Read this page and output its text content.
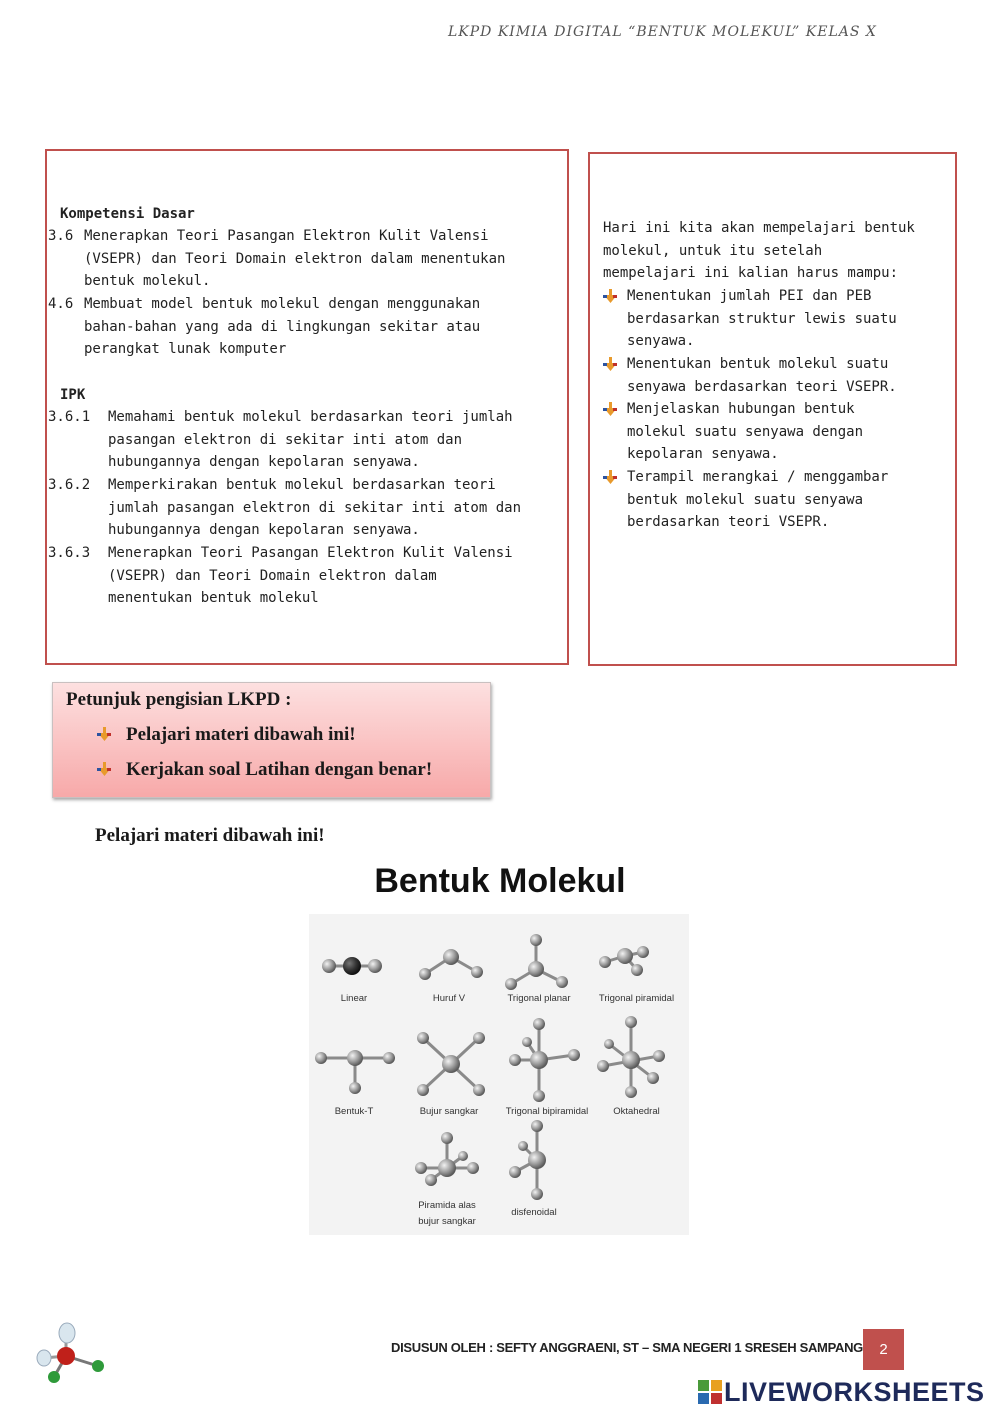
LKPD KIMIA DIGITAL “BENTUK MOLEKUL” KELAS X
Kompetensi Dasar
3.6 Menerapkan Teori Pasangan Elektron Kulit Valensi
(VSEPR) dan Teori Domain elektron dalam menentukan
bentuk molekul.
4.6 Membuat model bentuk molekul dengan menggunakan
bahan-bahan yang ada di lingkungan sekitar atau
perangkat lunak komputer
IPK
3.6.1 Memahami bentuk molekul berdasarkan teori jumlah
pasangan elektron di sekitar inti atom dan
hubungannya dengan kepolaran senyawa.
3.6.2 Memperkirakan bentuk molekul berdasarkan teori
jumlah pasangan elektron di sekitar inti atom dan
hubungannya dengan kepolaran senyawa.
3.6.3 Menerapkan Teori Pasangan Elektron Kulit Valensi
(VSEPR) dan Teori Domain elektron dalam
menentukan bentuk molekul
Hari ini kita akan mempelajari bentuk
molekul, untuk itu setelah
mempelajari ini kalian harus mampu:
Menentukan jumlah PEI dan PEB
berdasarkan struktur lewis suatu
senyawa.
Menentukan bentuk molekul suatu
senyawa berdasarkan teori VSEPR.
Menjelaskan hubungan bentuk
molekul suatu senyawa dengan
kepolaran senyawa.
Terampil merangkai / menggambar
bentuk molekul suatu senyawa
berdasarkan teori VSEPR.
Petunjuk pengisian LKPD :
Pelajari materi dibawah ini!
Kerjakan soal Latihan dengan benar!
Pelajari materi dibawah ini!
Bentuk Molekul
Linear	Huruf V	Trigonal planar	Trigonal piramidal
Bentuk-T	Bujur sangkar	Trigonal bipiramidal	Oktahedral
Piramida alas
bujur sangkar
disfenoidal
DISUSUN OLEH : SEFTY ANGGRAENI, ST – SMA NEGERI 1 SRESEH SAMPANG	2
LIVEWORKSHEETS
